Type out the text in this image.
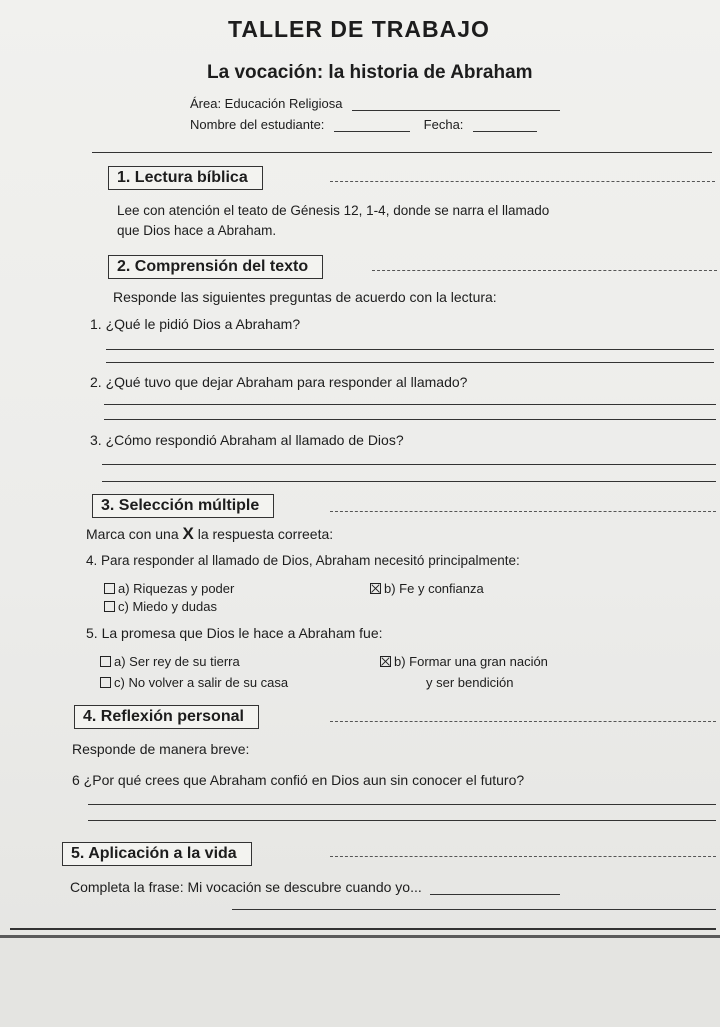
TALLER DE TRABAJO
La vocación: la historia de Abraham
Área: Educación Religiosa
Nombre del estudiante:	Fecha:
1. Lectura bíblica
Lee con atención el teato de Génesis 12, 1-4, donde se narra el llamado
que Dios hace a Abraham.
2. Comprensión del texto
Responde las siguientes preguntas de acuerdo con la lectura:
1. ¿Qué le pidió Dios a Abraham?
2. ¿Qué tuvo que dejar Abraham para responder al llamado?
3. ¿Cómo respondió Abraham al llamado de Dios?
3. Selección múltiple
Marca con una X la respuesta correeta:
4. Para responder al llamado de Dios, Abraham necesitó principalmente:
a) Riquezas y poder	b) Fe y confianza
c) Miedo y dudas
5. La promesa que Dios le hace a Abraham fue:
a) Ser rey de su tierra	b) Formar una gran nación
c) No volver a salir de su casa	y ser bendición
4. Reflexión personal
Responde de manera breve:
6 ¿Por qué crees que Abraham confió en Dios aun sin conocer el futuro?
5. Aplicación a la vida
Completa la frase: Mi vocación se descubre cuando yo...
